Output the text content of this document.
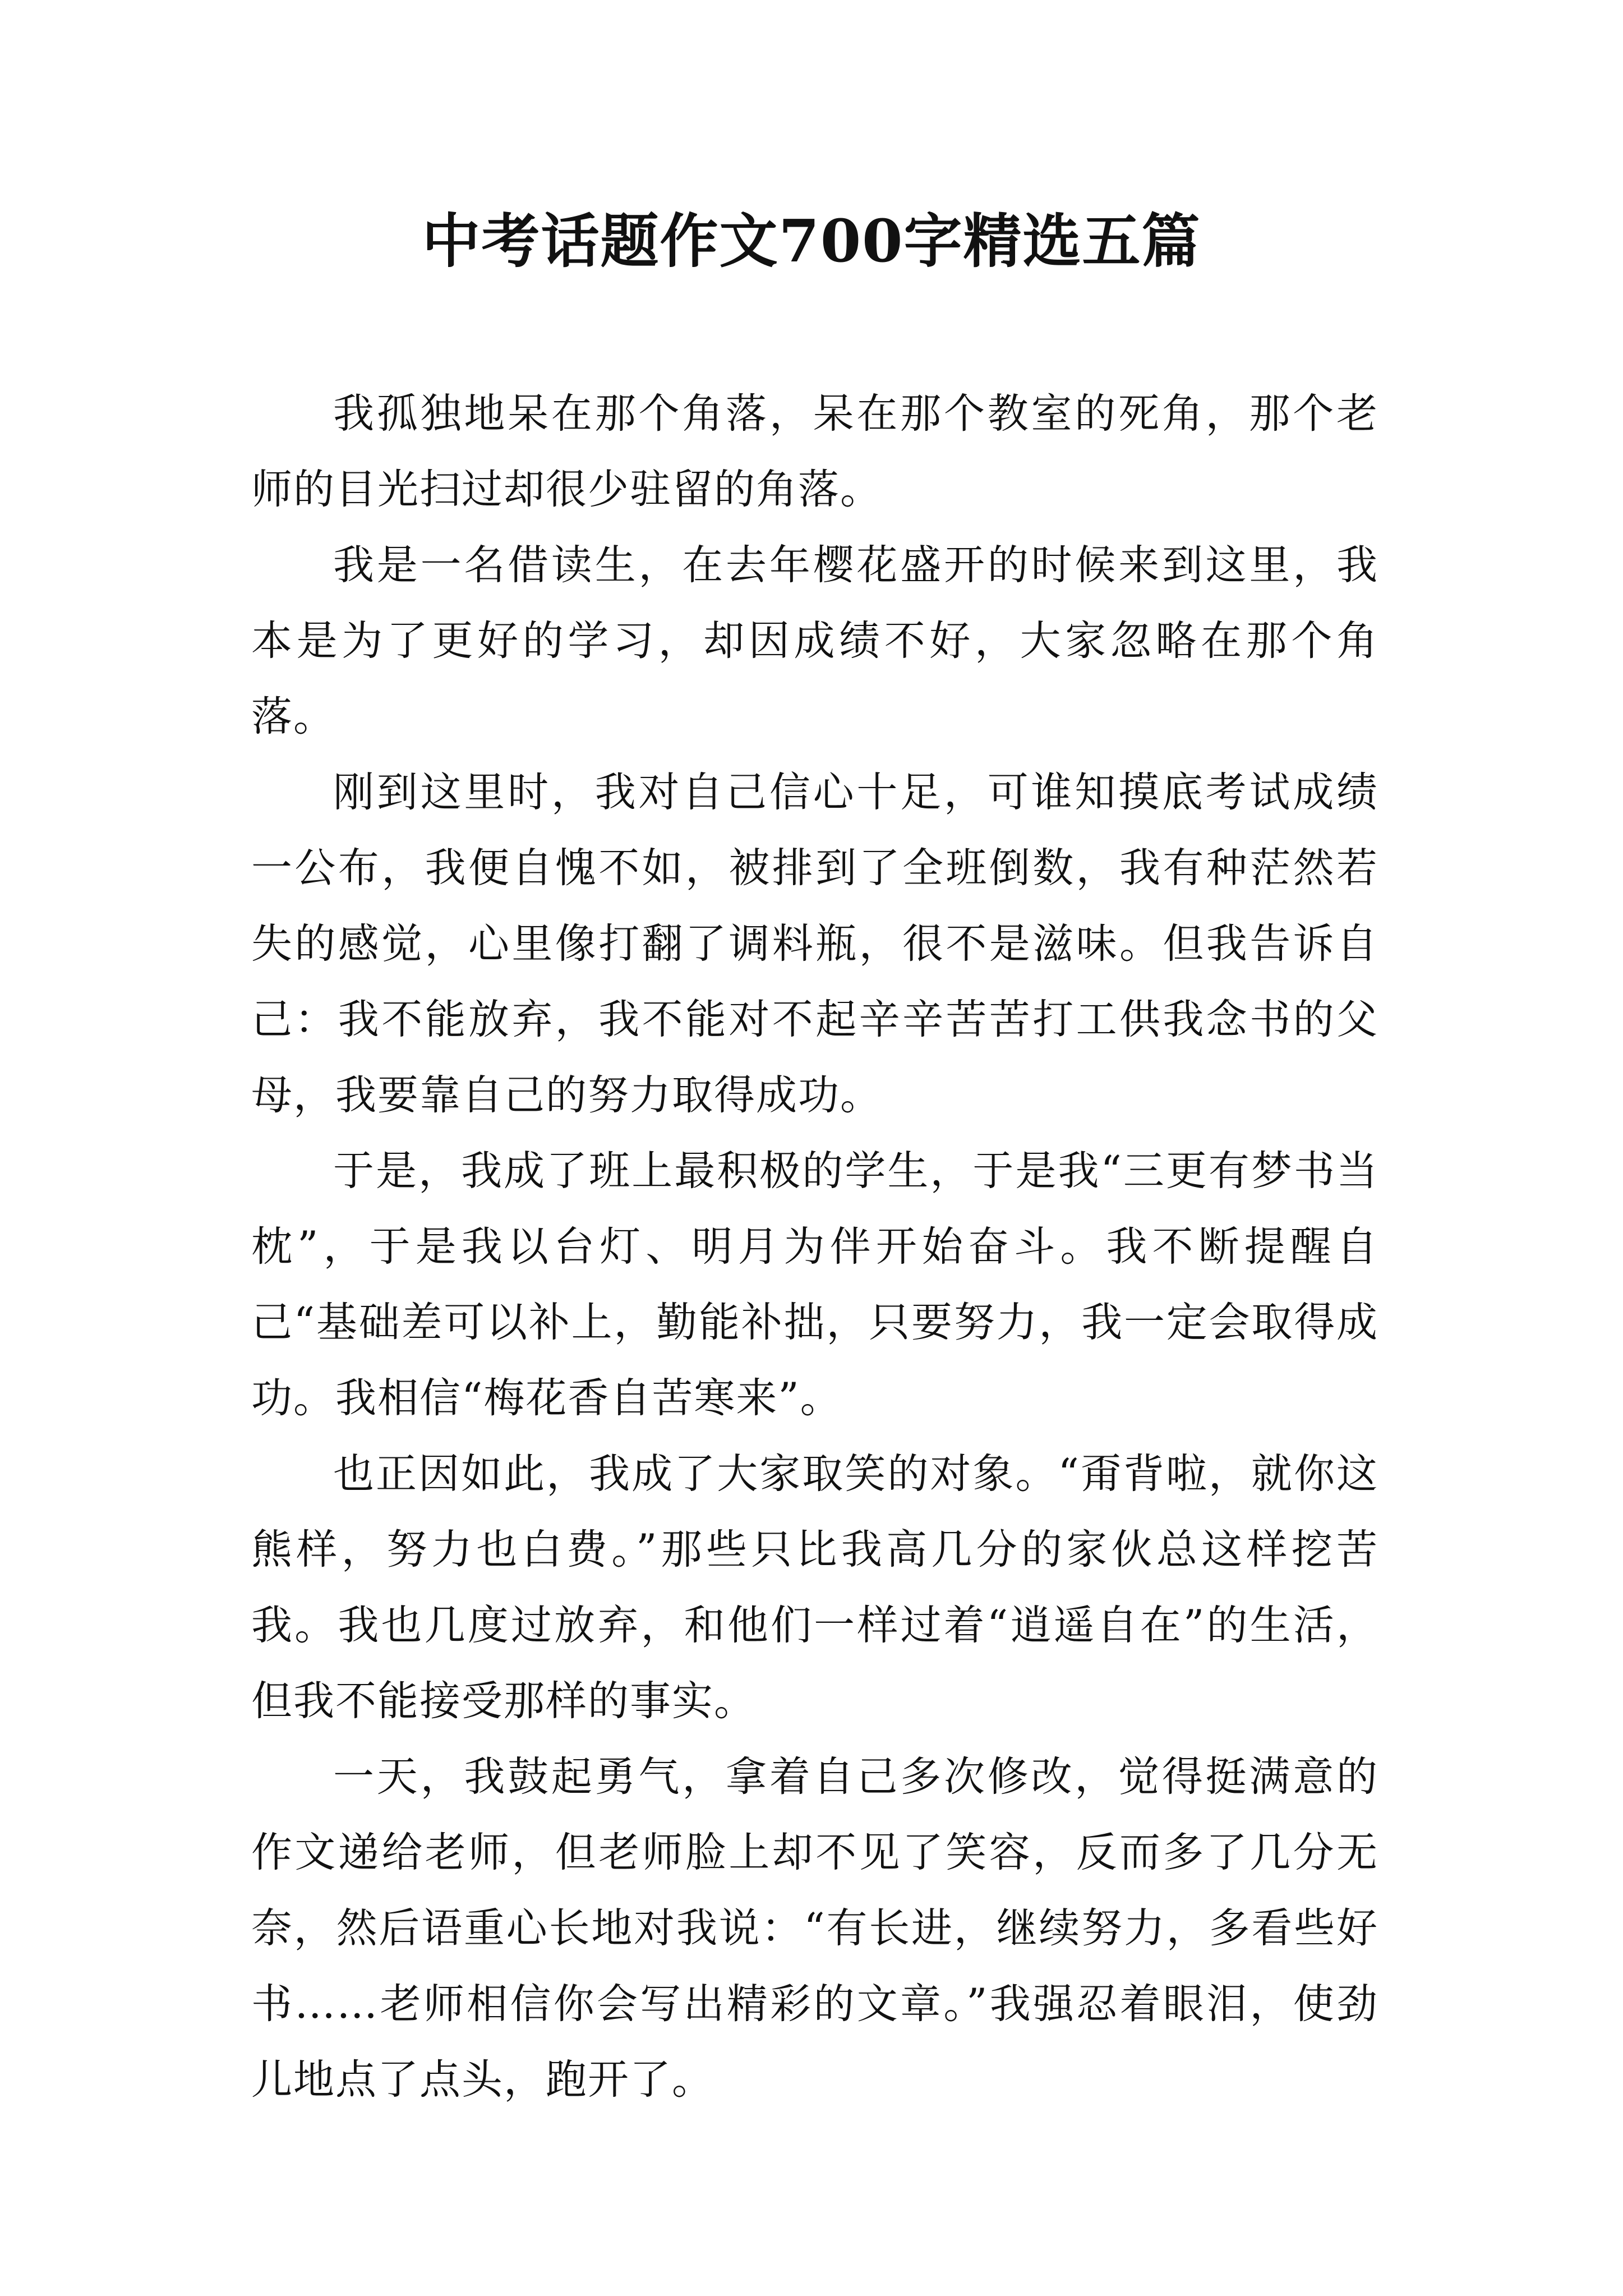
中考话题作文700字精选五篇

我孤独地呆在那个角落，呆在那个教室的死角，那个老师的目光扫过却很少驻留的角落。

我是一名借读生，在去年樱花盛开的时候来到这里，我本是为了更好的学习，却因成绩不好，大家忽略在那个角落。

刚到这里时，我对自己信心十足，可谁知摸底考试成绩一公布，我便自愧不如，被排到了全班倒数，我有种茫然若失的感觉，心里像打翻了调料瓶，很不是滋味。但我告诉自己：我不能放弃，我不能对不起辛辛苦苦打工供我念书的父母，我要靠自己的努力取得成功。

于是，我成了班上最积极的学生，于是我“三更有梦书当枕”，于是我以台灯、明月为伴开始奋斗。我不断提醒自己“基础差可以补上，勤能补拙，只要努力，我一定会取得成功。我相信“梅花香自苦寒来”。

也正因如此，我成了大家取笑的对象。“甭背啦，就你这熊样，努力也白费。”那些只比我高几分的家伙总这样挖苦我。我也几度过放弃，和他们一样过着“逍遥自在”的生活，但我不能接受那样的事实。

一天，我鼓起勇气，拿着自己多次修改，觉得挺满意的作文递给老师，但老师脸上却不见了笑容，反而多了几分无奈，然后语重心长地对我说：“有长进，继续努力，多看些好书……老师相信你会写出精彩的文章。”我强忍着眼泪，使劲儿地点了点头，跑开了。
